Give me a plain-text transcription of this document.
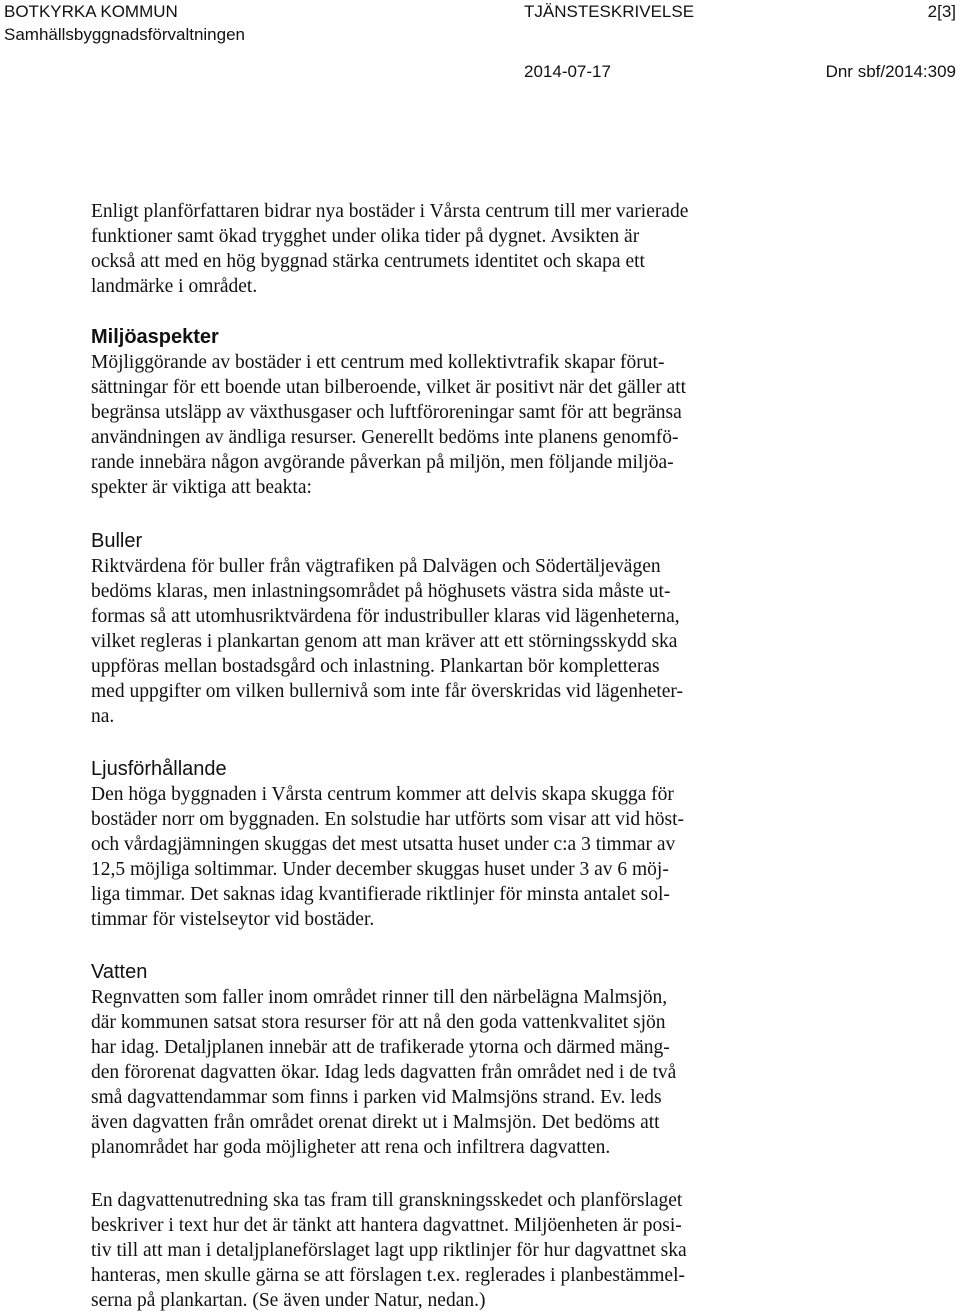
BOTKYRKA KOMMUN
Samhällsbyggnadsförvaltningen
TJÄNSTESKRIVELSE	2[3]
2014-07-17	Dnr sbf/2014:309
Enligt planförfattaren bidrar nya bostäder i Vårsta centrum till mer varierade
funktioner samt ökad trygghet under olika tider på dygnet. Avsikten är
också att med en hög byggnad stärka centrumets identitet och skapa ett
landmärke i området.
Miljöaspekter
Möjliggörande av bostäder i ett centrum med kollektivtrafik skapar förut-
sättningar för ett boende utan bilberoende, vilket är positivt när det gäller att
begränsa utsläpp av växthusgaser och luftföroreningar samt för att begränsa
användningen av ändliga resurser. Generellt bedöms inte planens genomfö-
rande innebära någon avgörande påverkan på miljön, men följande miljöa-
spekter är viktiga att beakta:
Buller
Riktvärdena för buller från vägtrafiken på Dalvägen och Södertäljevägen
bedöms klaras, men inlastningsområdet på höghusets västra sida måste ut-
formas så att utomhusriktvärdena för industribuller klaras vid lägenheterna,
vilket regleras i plankartan genom att man kräver att ett störningsskydd ska
uppföras mellan bostadsgård och inlastning. Plankartan bör kompletteras
med uppgifter om vilken bullernivå som inte får överskridas vid lägenheter-
na.
Ljusförhållande
Den höga byggnaden i Vårsta centrum kommer att delvis skapa skugga för
bostäder norr om byggnaden. En solstudie har utförts som visar att vid höst-
och vårdagjämningen skuggas det mest utsatta huset under c:a 3 timmar av
12,5 möjliga soltimmar. Under december skuggas huset under 3 av 6 möj-
liga timmar. Det saknas idag kvantifierade riktlinjer för minsta antalet sol-
timmar för vistelseytor vid bostäder.
Vatten
Regnvatten som faller inom området rinner till den närbelägna Malmsjön,
där kommunen satsat stora resurser för att nå den goda vattenkvalitet sjön
har idag. Detaljplanen innebär att de trafikerade ytorna och därmed mäng-
den förorenat dagvatten ökar. Idag leds dagvatten från området ned i de två
små dagvattendammar som finns i parken vid Malmsjöns strand. Ev. leds
även dagvatten från området orenat direkt ut i Malmsjön. Det bedöms att
planområdet har goda möjligheter att rena och infiltrera dagvatten.
En dagvattenutredning ska tas fram till granskningsskedet och planförslaget
beskriver i text hur det är tänkt att hantera dagvattnet. Miljöenheten är posi-
tiv till att man i detaljplaneförslaget lagt upp riktlinjer för hur dagvattnet ska
hanteras, men skulle gärna se att förslagen t.ex. reglerades i planbestämmel-
serna på plankartan. (Se även under Natur, nedan.)
